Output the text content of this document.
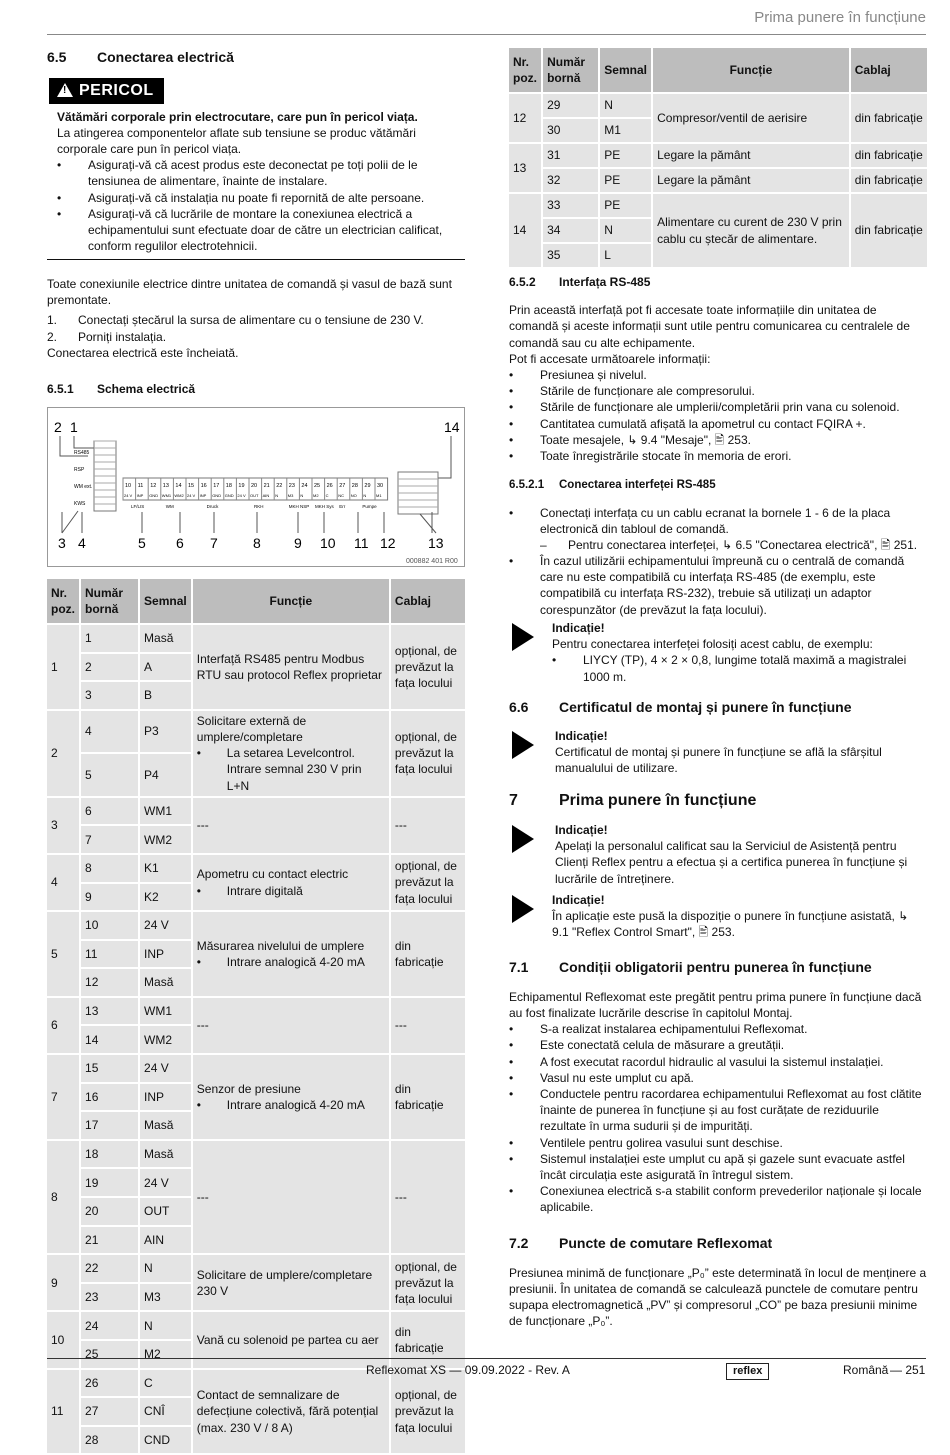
Prima punere în funcțiune
6.5 Conectarea electrică
!PERICOL

Vătămări corporale prin electrocutare, care pun în pericol viața.

La atingerea componentelor aflate sub tensiune se produc vătămări corporale care pun în pericol viața.

• Asigurați-vă că acest produs este deconectat pe toți polii de le tensiunea de alimentare, înainte de instalare.
• Asigurați-vă că instalația nu poate fi repornită de alte persoane.
• Asigurați-vă că lucrările de montare la conexiunea electrică a echipamentului sunt efectuate doar de către un electrician calificat, conform regulilor electrotehnicii.

Toate conexiunile electrice dintre unitatea de comandă și vasul de bază sunt premontate.

1. Conectați ștecărul la sursa de alimentare cu o tensiune de 230 V.
2. Porniți instalația.

Conectarea electrică este încheiată.

6.5.1 Schema electrică
2 1	14
RS485
RSP
WM ext.
KWS
10 11 12 13 14 15 16 17 18 19 20 21 22 23 24 25 26 27 28 29 30
24 V INP GND WM1 WM2 24 V INP GND GND 24 V OUT AIN N M3 N M2 C NC NO N M1
LF/LIS	WM	Druck	RKH	MKH NSP MKH Sys Err	Pumpe
3 4	5 6 7	8 9 10 11 12 13
000882 401 R00
Nr. poz.	Număr bornă	Semnal	Funcție	Cablaj
1	1	Masă	Interfață RS485 pentru Modbus RTU sau protocol Reflex proprietar	opțional, de prevăzut la fața locului
	2	A		
	3	B		
2	4	P3	Solicitare externă de umplere/completare
• La setarea Levelcontrol. Intrare semnal 230 V prin L+N	opțional, de prevăzut la fața locului
	5	P4		
3	6	WM1	---	---
	7	WM2		
4	8	K1	Apometru cu contact electric
• Intrare digitală	opțional, de prevăzut la fața locului
	9	K2		
5	10	24 V	Măsurarea nivelului de umplere
• Intrare analogică 4-20 mA	din fabricație
	11	INP		
	12	Masă		
6	13	WM1	---	---
	14	WM2		
7	15	24 V	Senzor de presiune
• Intrare analogică 4-20 mA	din fabricație
	16	INP		
	17	Masă		
8	18	Masă	---	---
	19	24 V		
	20	OUT		
	21	AIN		
9	22	N	Solicitare de umplere/completare 230 V	opțional, de prevăzut la fața locului
	23	M3		
10	24	N	Vană cu solenoid pe partea cu aer	din fabricație
	25	M2		
11	26	C	Contact de semnalizare de defecțiune colectivă, fără potențial (max. 230 V / 8 A)	opțional, de prevăzut la fața locului
	27	CNÎ		
	28	CND		
Nr. poz.	Număr bornă	Semnal	Funcție	Cablaj
12	29	N	Compresor/ventil de aerisire	din fabricație
	30	M1		
13	31	PE	Legare la pământ	din fabricație
	32	PE	Legare la pământ	din fabricație
14	33	PE	Alimentare cu curent de 230 V prin cablu cu ștecăr de alimentare.	din fabricație
	34	N		
	35	L		
6.5.2 Interfața RS-485

Prin această interfață pot fi accesate toate informațiile din unitatea de comandă și aceste informații sunt utile pentru comunicarea cu centralele de comandă sau cu alte echipamente.

Pot fi accesate următoarele informații:

• Presiunea și nivelul.
• Stările de funcționare ale compresorului.
• Stările de funcționare ale umplerii/completării prin vana cu solenoid.
• Cantitatea cumulată afișată la apometrul cu contact FQIRA +.
• Toate mesajele, ↳ 9.4 "Mesaje", 🖹 253.
• Toate înregistrările stocate în memoria de erori.
6.5.2.1 Conectarea interfeței RS-485
• Conectați interfața cu un cablu ecranat la bornele 1 - 6 de la placa electronică din tabloul de comandă.
– Pentru conectarea interfeței, ↳ 6.5 "Conectarea electrică", 🖹 251.
• În cazul utilizării echipamentului împreună cu o centrală de comandă care nu este compatibilă cu interfața RS-485 (de exemplu, este compatibilă cu interfața RS-232), trebuie să utilizați un adaptor corespunzător (de prevăzut la fața locului).

Indicație!

Pentru conectarea interfeței folosiți acest cablu, de exemplu:

• LIYCY (TP), 4 × 2 × 0,8, lungime totală maximă a magistralei 1000 m.
6.6 Certificatul de montaj și punere în funcțiune

Indicație!

Certificatul de montaj și punere în funcțiune se află la sfârșitul manualului de utilizare.

7	Prima punere în funcțiune

Indicație!

Apelați la personalul calificat sau la Serviciul de Asistență pentru Clienți Reflex pentru a efectua și a certifica punerea în funcțiune și lucrările de întreținere.

Indicație!

În aplicație este pusă la dispoziție o punere în funcțiune asistată, ↳ 9.1 "Reflex Control Smart", 🖹 253.

7.1 Condiții obligatorii pentru punerea în funcțiune

Echipamentul Reflexomat este pregătit pentru prima punere în funcțiune dacă au fost finalizate lucrările descrise în capitolul Montaj.

• S-a realizat instalarea echipamentului Reflexomat.
• Este conectată celula de măsurare a greutății.
• A fost executat racordul hidraulic al vasului la sistemul instalației.
• Vasul nu este umplut cu apă.
• Conductele pentru racordarea echipamentului Reflexomat au fost clătite înainte de punerea în funcțiune și au fost curățate de reziduurile rezultate în urma sudurii și de impurități.
• Ventilele pentru golirea vasului sunt deschise.
• Sistemul instalației este umplut cu apă și gazele sunt evacuate astfel încât circulația este asigurată în întregul sistem.
• Conexiunea electrică s-a stabilit conform prevederilor naționale și locale aplicabile.
7.2 Puncte de comutare Reflexomat

Presiunea minimă de funcționare „P₀” este determinată în locul de menținere a presiunii. În unitatea de comandă se calculează punctele de comutare pentru supapa electromagnetică „PV” și compresorul „CO” pe baza presiunii minime de funcționare „P₀”.

Reflexomat XS — 09.09.2022 - Rev. A	reflex	Română — 251
